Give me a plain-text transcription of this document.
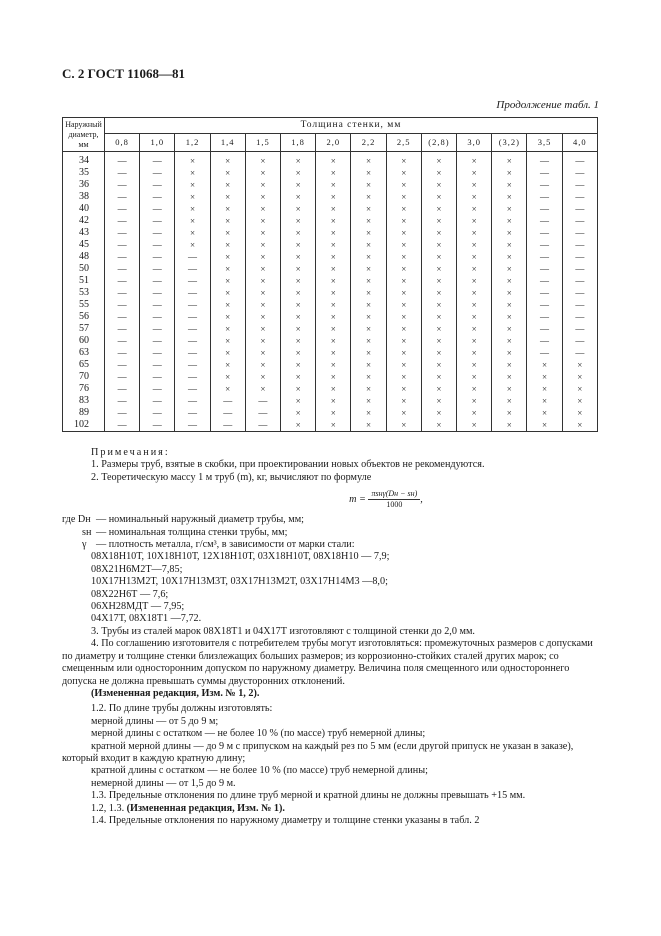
С. 2 ГОСТ 11068—81
Продолжение табл. 1
Наружный
диаметр,
мм	Толщина стенки, мм													
	0,8	1,0	1,2	1,4	1,5	1,8	2,0	2,2	2,5	(2,8)	3,0	(3,2)	3,5	4,0
34	—	—	×	×	×	×	×	×	×	×	×	×	—	—
35	—	—	×	×	×	×	×	×	×	×	×	×	—	—
36	—	—	×	×	×	×	×	×	×	×	×	×	—	—
38	—	—	×	×	×	×	×	×	×	×	×	×	—	—
40	—	—	×	×	×	×	×	×	×	×	×	×	—	—
42	—	—	×	×	×	×	×	×	×	×	×	×	—	—
43	—	—	×	×	×	×	×	×	×	×	×	×	—	—
45	—	—	×	×	×	×	×	×	×	×	×	×	—	—
48	—	—	—	×	×	×	×	×	×	×	×	×	—	—
50	—	—	—	×	×	×	×	×	×	×	×	×	—	—
51	—	—	—	×	×	×	×	×	×	×	×	×	—	—
53	—	—	—	×	×	×	×	×	×	×	×	×	—	—
55	—	—	—	×	×	×	×	×	×	×	×	×	—	—
56	—	—	—	×	×	×	×	×	×	×	×	×	—	—
57	—	—	—	×	×	×	×	×	×	×	×	×	—	—
60	—	—	—	×	×	×	×	×	×	×	×	×	—	—
63	—	—	—	×	×	×	×	×	×	×	×	×	—	—
65	—	—	—	×	×	×	×	×	×	×	×	×	×	×
70	—	—	—	×	×	×	×	×	×	×	×	×	×	×
76	—	—	—	×	×	×	×	×	×	×	×	×	×	×
83	—	—	—	—	—	×	×	×	×	×	×	×	×	×
89	—	—	—	—	—	×	×	×	×	×	×	×	×	×
102	—	—	—	—	—	×	×	×	×	×	×	×	×	×

Примечания:

1. Размеры труб, взятые в скобки, при проектировании новых объектов не рекомендуются.

2. Теоретическую массу 1 м труб (m), кг, вычисляют по формуле

$m = \frac{\text{πsнγ(Dн − sн)}}{1000}$ ,
где Dн — номинальный наружный диаметр трубы, мм;
sн — номинальная толщина стенки трубы, мм;
γ — плотность металла, г/см³, в зависимости от марки стали:

08Х18Н10Т, 10Х18Н10Т, 12Х18Н10Т, 03Х18Н10Т, 08Х18Н10 — 7,9;

08Х21Н6М2Т—7,85;

10Х17Н13М2Т, 10Х17Н13М3Т, 03Х17Н13М2Т, 03Х17Н14М3 —8,0;

08Х22Н6Т — 7,6;

06ХН28МДТ — 7,95;

04Х17Т, 08Х18Т1 —7,72.

3. Трубы из сталей марок 08Х18Т1 и 04Х17Т изготовляют с толщиной стенки до 2,0 мм.

4. По соглашению изготовителя с потребителем трубы могут изготовляться: промежуточных размеров с допусками по диаметру и толщине стенки близлежащих больших размеров; из коррозионно-стойких сталей других марок; со смещенным или односторонним допуском по наружному диаметру. Величина поля смещенного или одностороннего допуска не должна превышать суммы двусторонних отклонений.

(Измененная редакция, Изм. № 1, 2).

1.2. По длине трубы должны изготовлять:

мерной длины — от 5 до 9 м;

мерной длины с остатком — не более 10 % (по массе) труб немерной длины;

кратной мерной длины — до 9 м с припуском на каждый рез по 5 мм (если другой припуск не указан в заказе), который входит в каждую кратную длину;

кратной длины с остатком — не более 10 % (по массе) труб немерной длины;

немерной длины — от 1,5 до 9 м.

1.3. Предельные отклонения по длине труб мерной и кратной длины не должны превышать +15 мм.

1.2, 1.3. (Измененная редакция, Изм. № 1).

1.4. Предельные отклонения по наружному диаметру и толщине стенки указаны в табл. 2
